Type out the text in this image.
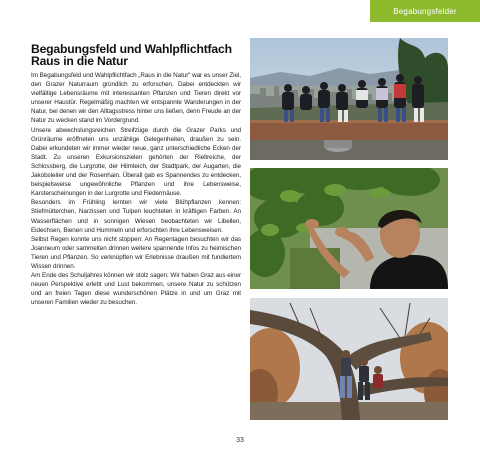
Begabungsfelder
Begabungsfeld und Wahlpflichtfach
Raus in die Natur

Im Begabungsfeld und Wahlpflichtfach „Raus in die Natur“ war es unser Ziel, den Grazer Naturraum gründlich zu erforschen. Dabei entdeckten wir vielfältige Lebensräume mit interessanten Pflanzen und Tieren direkt vor unserer Haustür. Regelmäßig machten wir entspannte Wanderungen in der Natur, bei denen wir den Alltagsstress hinter uns ließen, denn Freude an der Natur zu wecken stand im Vordergrund.

Unsere abwechslungsreichen Streifzüge durch die Grazer Parks und Grünräume eröffneten uns unzählige Gelegenheiten, draußen zu sein. Dabei erkundeten wir immer wieder neue, ganz unterschiedliche Ecken der Stadt. Zu unseren Exkursionszielen gehörten der Rieltreiche, der Schlossberg, die Lurgrotte, der Hilmteich, der Stadtpark, der Augarten, die Jakobsleiter und der Rosenhain. Überall gab es Spannendes zu entdecken, beispielsweise ungewöhnliche Pflanzen und ihre Lebensweise, Karsterscheinungen in der Lurgrotte und Fledermäuse.

Besonders im Frühling lernten wir viele Blühpflanzen kennen: Stiefmütterchen, Narzissen und Tulpen leuchteten in kräftigen Farben. An Wasserflächen und in sonnigen Wiesen beobachteten wir Libellen, Eidechsen, Bienen und Hummeln und erforschten ihre Lebensweisen.

Selbst Regen konnte uns nicht stoppen: An Regentagen besuchten wir das Joanneum oder sammelten drinnen weitere spannende Infos zu heimischen Tieren und Pflanzen. So verknüpften wir Erlebnisse draußen mit fundiertem Wissen drinnen.

Am Ende des Schuljahres können wir stolz sagen: Wir haben Graz aus einer neuen Perspektive erlebt und Lust bekommen, unsere Natur zu schützen und an freien Tagen diese wunderschönen Plätze in und um Graz mit unseren Familien wieder zu besuchen.

33
